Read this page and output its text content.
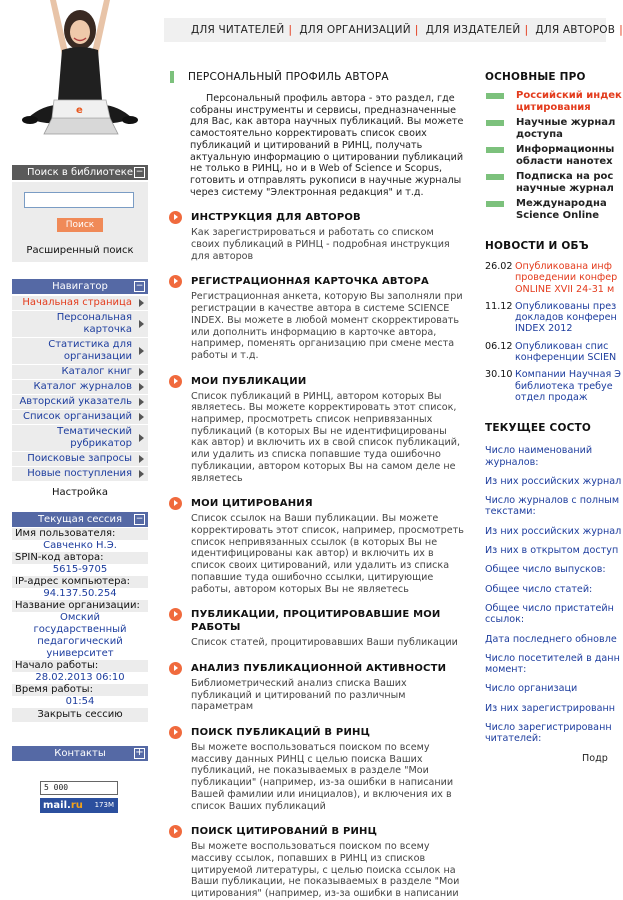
e
Поиск в библиотеке −
Поиск
Расширенный поиск
Навигатор	−
Начальная страница
Персональная карточка
Статистика для организации
Каталог книг
Каталог журналов
Авторский указатель
Список организаций
Тематический рубрикатор
Поисковые запросы
Новые поступления
Настройка
Текущая сессия −
Имя пользователя:
Савченко Н.Э.
SPIN-код автора:
5615-9705
IP-адрес компьютера:
94.137.50.254
Название организации:
Омский государственный педагогический университет
Начало работы:
28.02.2013 06:10
Время работы:
01:54
Закрыть сессию
Контакты	+
5 000
mail.ru 173M
ДЛЯ ЧИТАТЕЛЕЙ | ДЛЯ ОРГАНИЗАЦИЙ | ДЛЯ ИЗДАТЕЛЕЙ | ДЛЯ АВТОРОВ |
ПЕРСОНАЛЬНЫЙ ПРОФИЛЬ АВТОРА
Персональный профиль автора - это раздел, где собраны инструменты и сервисы, предназначенные для Вас, как автора научных публикаций. Вы можете самостоятельно корректировать список своих публикаций и цитирований в РИНЦ, получать актуальную информацию о цитировании публикаций не только в РИНЦ, но и в Web of Science и Scopus, готовить и отправлять рукописи в научные журналы через систему "Электронная редакция" и т.д.
ИНСТРУКЦИЯ ДЛЯ АВТОРОВ
Как зарегистрироваться и работать со списком своих публикаций в РИНЦ - подробная инструкция для авторов
РЕГИСТРАЦИОННАЯ КАРТОЧКА АВТОРА
Регистрационная анкета, которую Вы заполняли при регистрации в качестве автора в системе SCIENCE INDEX. Вы можете в любой момент скорректировать или дополнить информацию в карточке автора, например, поменять организацию при смене места работы и т.д.
МОИ ПУБЛИКАЦИИ
Список публикаций в РИНЦ, автором которых Вы являетесь. Вы можете корректировать этот список, например, просмотреть список непривязанных публикаций (в которых Вы не идентифицированы как автор) и включить их в свой список публикаций, или удалить из списка попавшие туда ошибочно публикации, автором которых Вы на самом деле не являетесь
МОИ ЦИТИРОВАНИЯ
Список ссылок на Ваши публикации. Вы можете корректировать этот список, например, просмотреть список непривязанных ссылок (в которых Вы не идентифицированы как автор) и включить их в список своих цитирований, или удалить из списка попавшие туда ошибочно ссылки, цитирующие работы, автором которых Вы не являетесь
ПУБЛИКАЦИИ, ПРОЦИТИРОВАВШИЕ МОИ РАБОТЫ
Список статей, процитировавших Ваши публикации
АНАЛИЗ ПУБЛИКАЦИОННОЙ АКТИВНОСТИ
Библиометрический анализ списка Ваших публикаций и цитирований по различным параметрам
ПОИСК ПУБЛИКАЦИЙ В РИНЦ
Вы можете воспользоваться поиском по всему массиву данных РИНЦ с целью поиска Ваших публикаций, не показываемых в разделе "Мои публикации" (например, из-за ошибки в написании Вашей фамилии или инициалов), и включения их в список Ваших публикаций
ПОИСК ЦИТИРОВАНИЙ В РИНЦ
Вы можете воспользоваться поиском по всему массиву ссылок, попавших в РИНЦ из списков цитируемой литературы, с целью поиска ссылок на Ваши публикации, не показываемых в разделе "Мои цитирования" (например, из-за ошибки в написании
ОСНОВНЫЕ ПРО
Российский индек
цитирования
Научные журнал
доступа
Информационны
области нанотех
Подписка на рос
научные журнал
Международна
Science Online
НОВОСТИ И ОБЪ
26.02 Опубликована инф
проведении конфер
ONLINE XVII 24-31 м
11.12 Опубликованы през
докладов конферен
INDEX 2012
06.12 Опубликован спис
конференции SCIEN
30.10 Компании Научная Э
библиотека требуе
отдел продаж
ТЕКУЩЕЕ СОСТО
Число наименований
журналов:
Из них российских журнал
Число журналов с полным
текстами:
Из них российских журнал
Из них в открытом доступ
Общее число выпусков:
Общее число статей:
Общее число пристатейн
ссылок:
Дата последнего обновле
Число посетителей в данн
момент:
Число организаци
Из них зарегистрированн
Число зарегистрированн
читателей:
Подр
